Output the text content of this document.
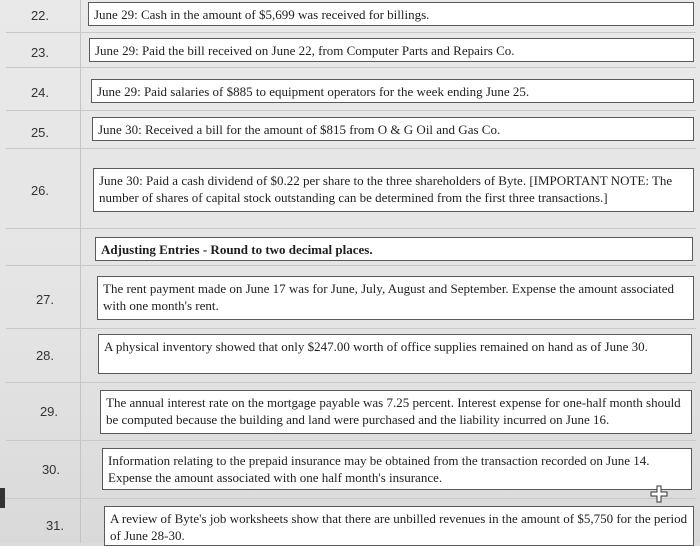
22.
23.
24.
25.
26.
27.
28.
29.
30.
31.
June 29: Cash in the amount of $5,699 was received for billings.
June 29: Paid the bill received on June 22, from Computer Parts and Repairs Co.
June 29: Paid salaries of $885 to equipment operators for the week ending June 25.
June 30: Received a bill for the amount of $815 from O & G Oil and Gas Co.
June 30: Paid a cash dividend of $0.22 per share to the three shareholders of Byte. [IMPORTANT NOTE: The number of shares of capital stock outstanding can be determined from the first three transactions.]
Adjusting Entries - Round to two decimal places.
The rent payment made on June 17 was for June, July, August and September. Expense the amount associated with one month's rent.
A physical inventory showed that only $247.00 worth of office supplies remained on hand as of June 30.
The annual interest rate on the mortgage payable was 7.25 percent. Interest expense for one-half month should be computed because the building and land were purchased and the liability incurred on June 16.
Information relating to the prepaid insurance may be obtained from the transaction recorded on June 14. Expense the amount associated with one half month's insurance.
A review of Byte's job worksheets show that there are unbilled revenues in the amount of $5,750 for the period of June 28-30.
